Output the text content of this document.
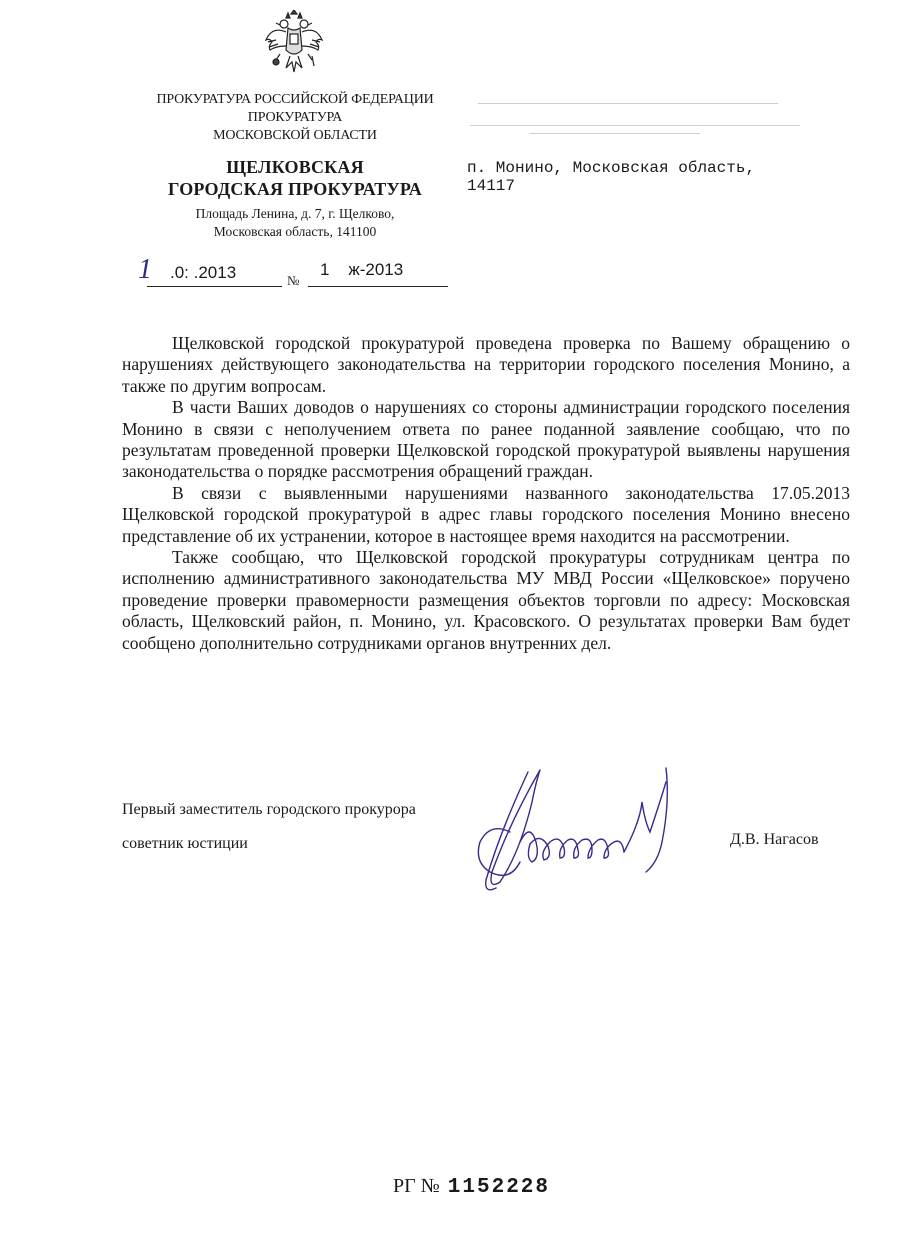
ПРОКУРАТУРА РОССИЙСКОЙ ФЕДЕРАЦИИ
ПРОКУРАТУРА
МОСКОВСКОЙ ОБЛАСТИ
ЩЕЛКОВСКАЯ
ГОРОДСКАЯ ПРОКУРАТУРА
Площадь Ленина, д. 7, г. Щелково,
Московская область, 141100
п. Монино, Московская область,
14117
1 .0: .2013	№
1    ж-2013

Щелковской городской прокуратурой проведена проверка по Вашему обращению о нарушениях действующего законодательства на территории городского поселения Монино, а также по другим вопросам.

В части Ваших доводов о нарушениях со стороны администрации городского поселения Монино в связи с неполучением ответа по ранее поданной заявление сообщаю, что по результатам проведенной проверки Щелковской городской прокуратурой выявлены нарушения законодательства о порядке рассмотрения обращений граждан.

В связи с выявленными нарушениями названного законодательства 17.05.2013 Щелковской городской прокуратурой в адрес главы городского поселения Монино внесено представление об их устранении, которое в настоящее время находится на рассмотрении.

Также сообщаю, что Щелковской городской прокуратуры сотрудникам центра по исполнению административного законодательства МУ МВД России «Щелковское» поручено проведение проверки правомерности размещения объектов торговли по адресу: Московская область, Щелковский район, п. Монино, ул. Красовского. О результатах проверки Вам будет сообщено дополнительно сотрудниками органов внутренних дел.

Первый заместитель городского прокурора
советник юстиции	Д.В. Нагасов
РГ № 1152228
